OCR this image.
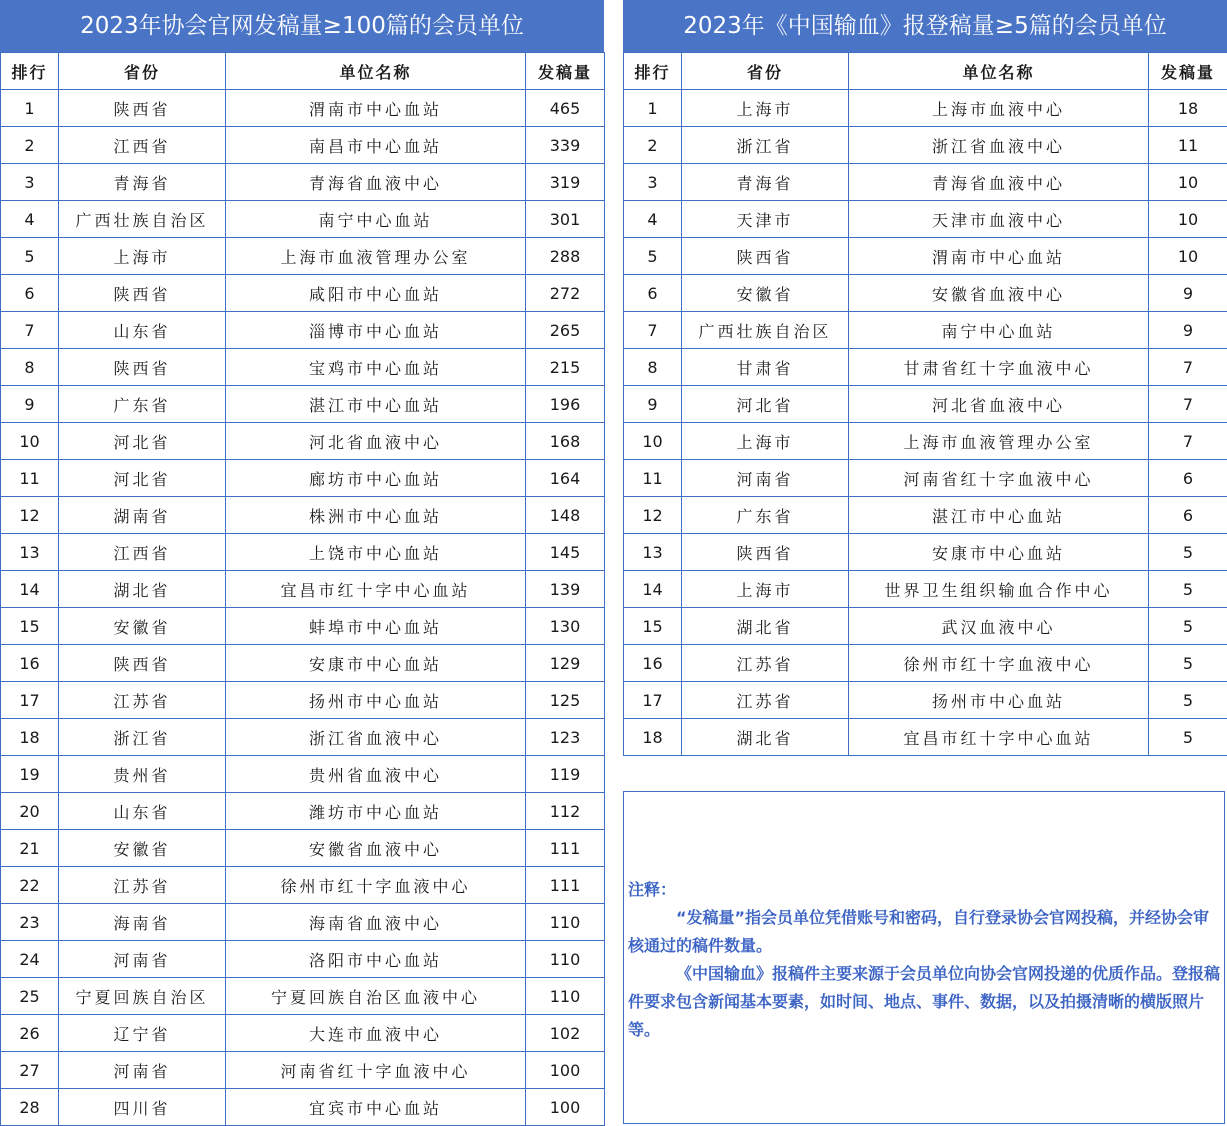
2023年协会官网发稿量≥100篇的会员单位
排行	省份	单位名称	发稿量
1	陕西省	渭南市中心血站	465
2	江西省	南昌市中心血站	339
3	青海省	青海省血液中心	319
4	广西壮族自治区	南宁中心血站	301
5	上海市	上海市血液管理办公室	288
6	陕西省	咸阳市中心血站	272
7	山东省	淄博市中心血站	265
8	陕西省	宝鸡市中心血站	215
9	广东省	湛江市中心血站	196
10	河北省	河北省血液中心	168
11	河北省	廊坊市中心血站	164
12	湖南省	株洲市中心血站	148
13	江西省	上饶市中心血站	145
14	湖北省	宜昌市红十字中心血站	139
15	安徽省	蚌埠市中心血站	130
16	陕西省	安康市中心血站	129
17	江苏省	扬州市中心血站	125
18	浙江省	浙江省血液中心	123
19	贵州省	贵州省血液中心	119
20	山东省	潍坊市中心血站	112
21	安徽省	安徽省血液中心	111
22	江苏省	徐州市红十字血液中心	111
23	海南省	海南省血液中心	110
24	河南省	洛阳市中心血站	110
25	宁夏回族自治区	宁夏回族自治区血液中心	110
26	辽宁省	大连市血液中心	102
27	河南省	河南省红十字血液中心	100
28	四川省	宜宾市中心血站	100
2023年《中国输血》报登稿量≥5篇的会员单位
排行	省份	单位名称	发稿量
1	上海市	上海市血液中心	18
2	浙江省	浙江省血液中心	11
3	青海省	青海省血液中心	10
4	天津市	天津市血液中心	10
5	陕西省	渭南市中心血站	10
6	安徽省	安徽省血液中心	9
7	广西壮族自治区	南宁中心血站	9
8	甘肃省	甘肃省红十字血液中心	7
9	河北省	河北省血液中心	7
10	上海市	上海市血液管理办公室	7
11	河南省	河南省红十字血液中心	6
12	广东省	湛江市中心血站	6
13	陕西省	安康市中心血站	5
14	上海市	世界卫生组织输血合作中心	5
15	湖北省	武汉血液中心	5
16	江苏省	徐州市红十字血液中心	5
17	江苏省	扬州市中心血站	5
18	湖北省	宜昌市红十字中心血站	5

注释：

“发稿量”指会员单位凭借账号和密码，自行登录协会官网投稿，并经协会审核通过的稿件数量。

《中国输血》报稿件主要来源于会员单位向协会官网投递的优质作品。登报稿件要求包含新闻基本要素，如时间、地点、事件、数据，以及拍摄清晰的横版照片等。
